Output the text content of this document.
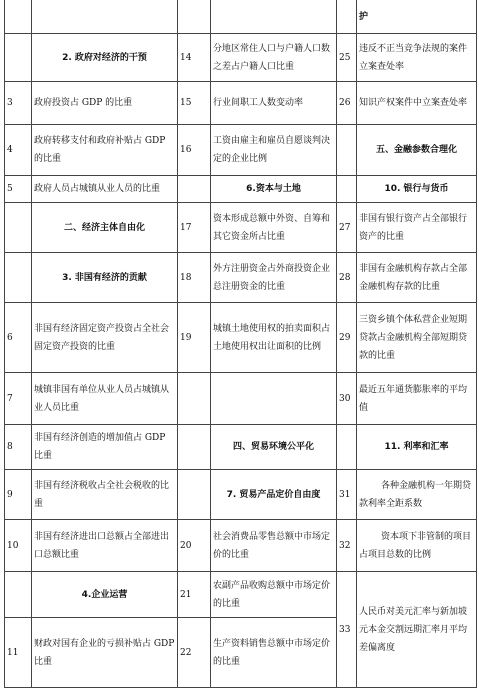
					护
	2. 政府对经济的干预	14	分地区常住人口与户籍人口数之差占户籍人口比重	25	违反不正当竞争法规的案件立案查处率
3	政府投资占 GDP 的比重	15	行业间职工人数变动率	26	知识产权案件中立案查处率
4	政府转移支付和政府补贴占 GDP 的比重	16	工资由雇主和雇员自愿谈判决定的企业比例		五、金融参数合理化
5	政府人员占城镇从业人员的比重		6.资本与土地		10. 银行与货币
	二、经济主体自由化	17	资本形成总额中外资、自筹和其它资金所占比重	27	非国有银行资产占全部银行资产的比重
	3. 非国有经济的贡献	18	外方注册资金占外商投资企业总注册资金的比重	28	非国有金融机构存款占全部金融机构存款的比重
6	非国有经济固定资产投资占全社会固定资产投资的比重	19	城镇土地使用权的拍卖面积占土地使用权出让面积的比例	29	三资乡镇个体私营企业短期贷款占金融机构全部短期贷款的比重
7	城镇非国有单位从业人员占城镇从业人员比重			30	最近五年通货膨胀率的平均值
8	非国有经济创造的增加值占 GDP 比重		四、贸易环境公平化		11. 利率和汇率
9	非国有经济税收占全社会税收的比重		7. 贸易产品定价自由度	31	各种金融机构一年期贷款利率全距系数
10	非国有经济进出口总额占全部进出口总额比重	20	社会消费品零售总额中市场定价的比重	32	资本项下非管制的项目占项目总数的比例
	4.企业运营	21	农副产品收购总额中市场定价的比重	33	人民币对美元汇率与新加坡元本金交割远期汇率月平均差偏离度
11	财政对国有企业的亏损补贴占 GDP 比重	22	生产资料销售总额中市场定价的比重		
